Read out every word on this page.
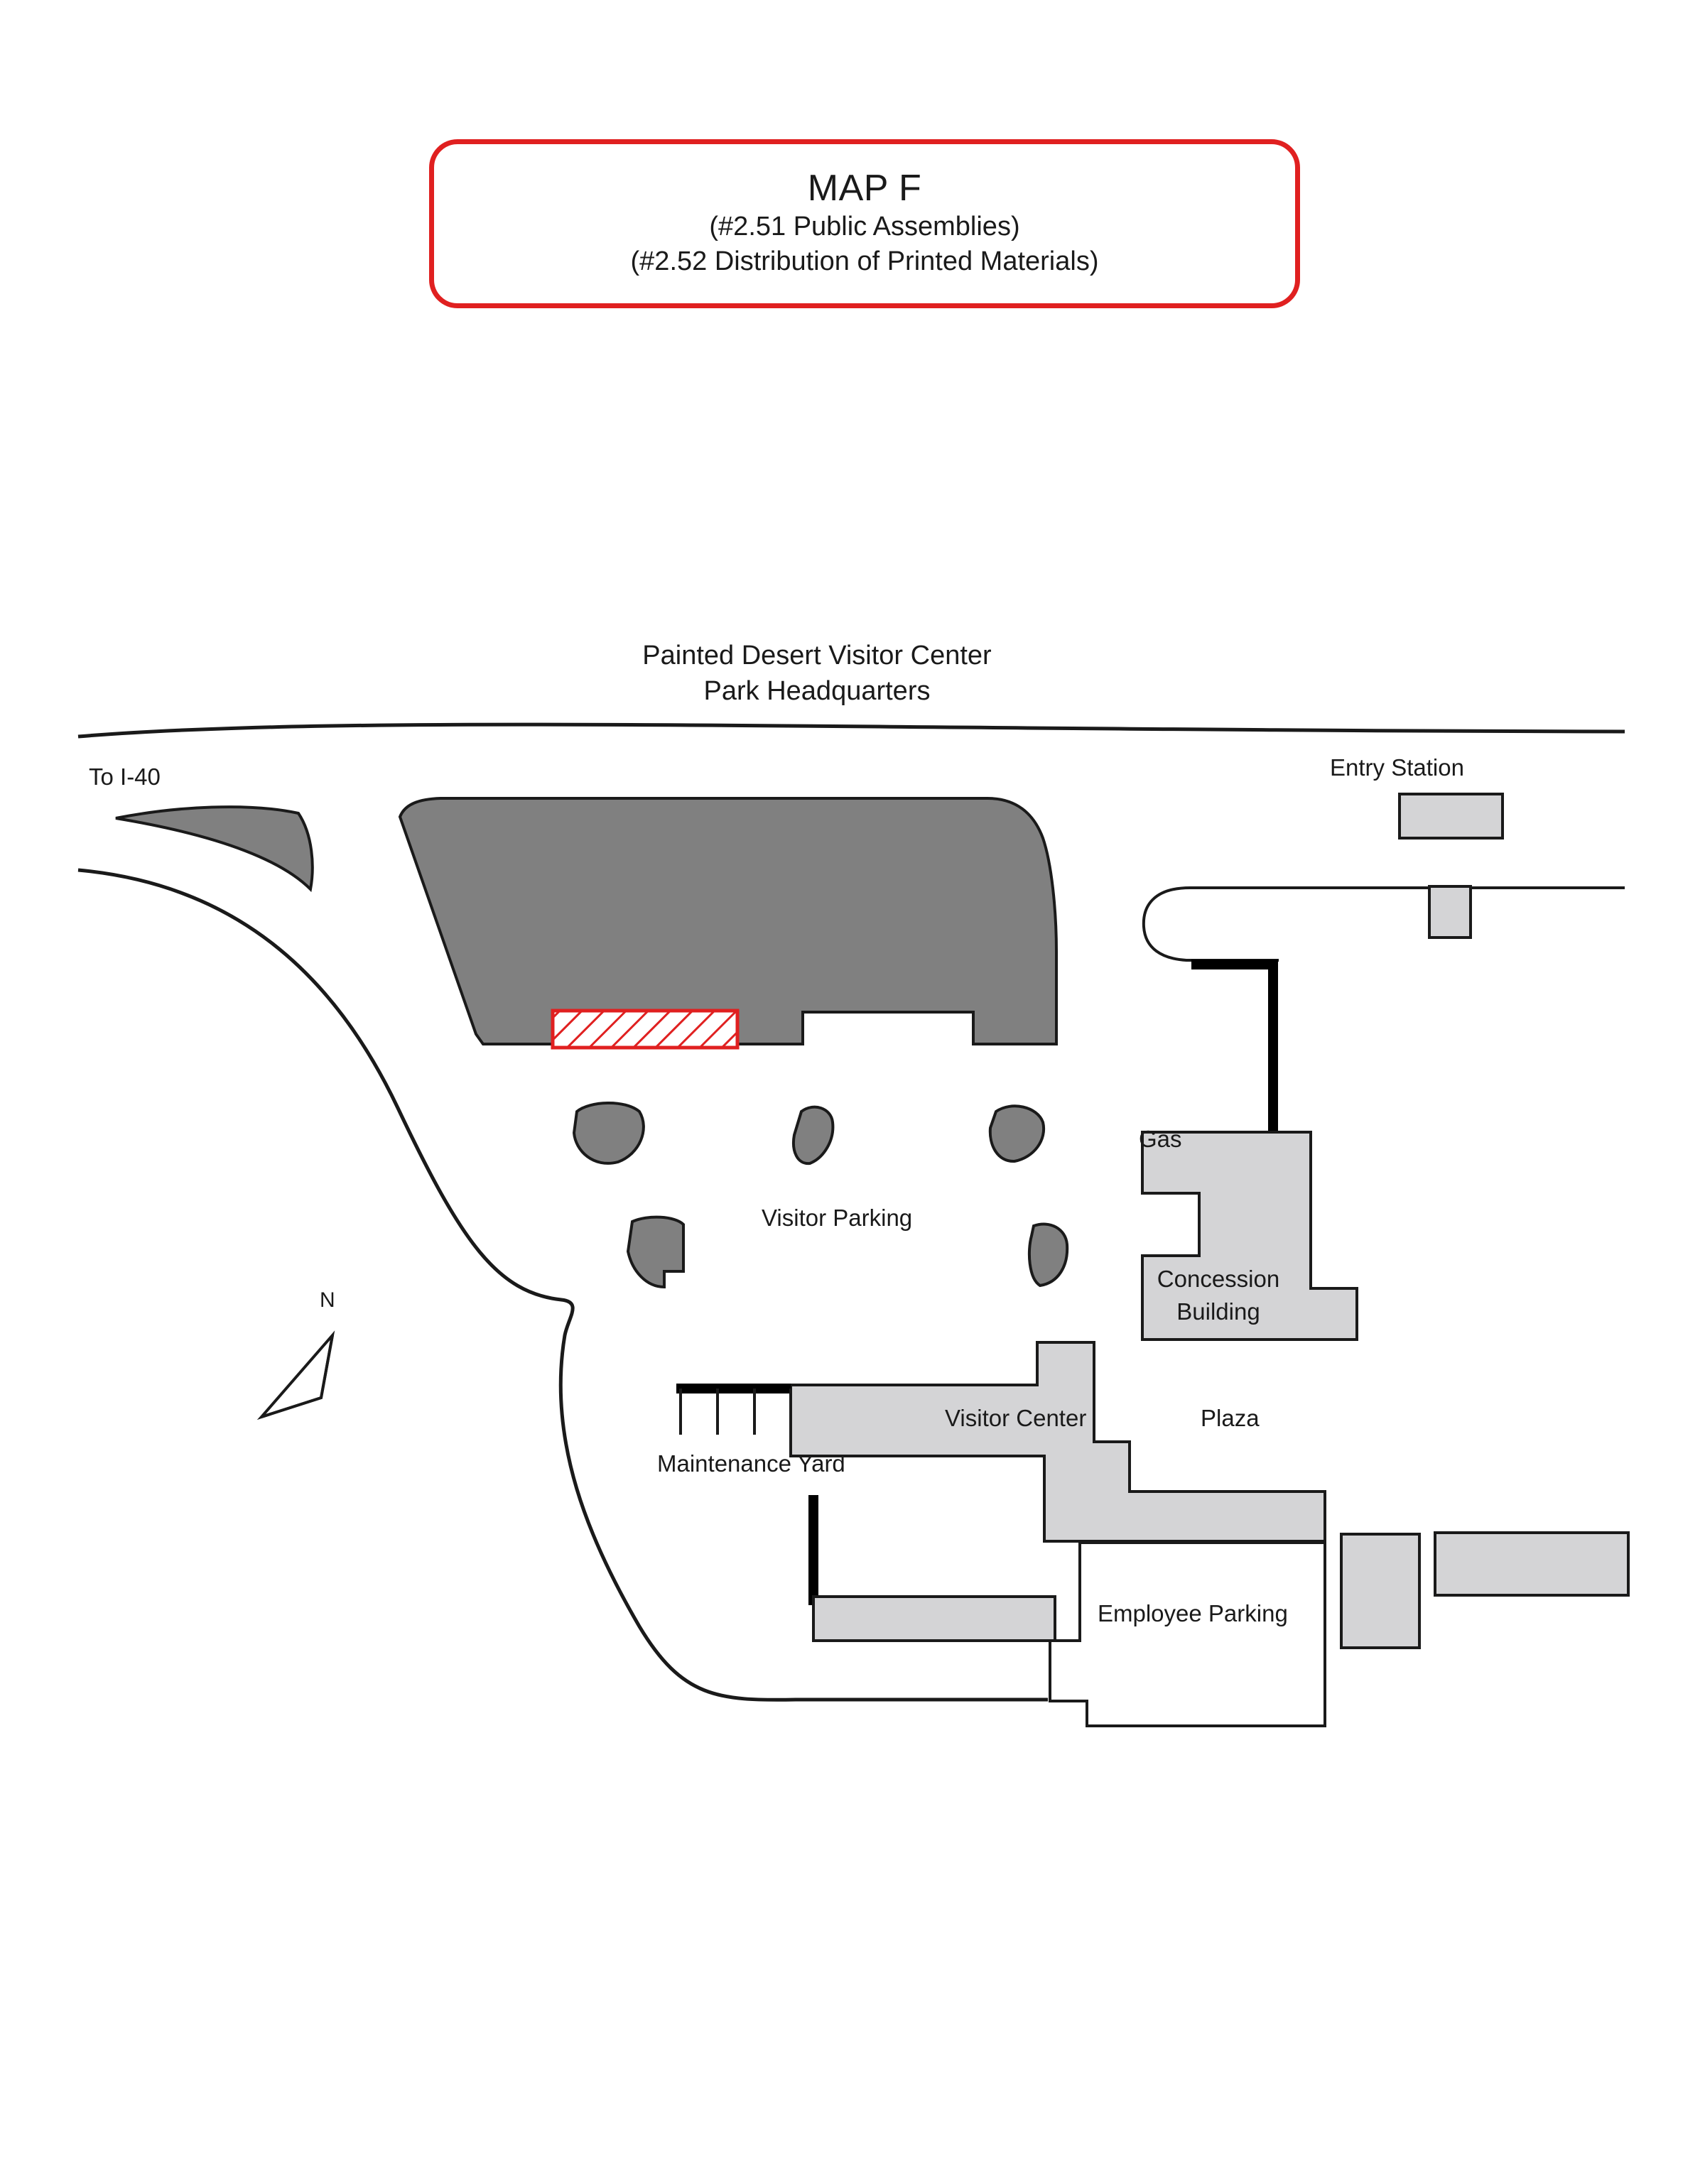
MAP F
(#2.51 Public Assemblies)
(#2.52 Distribution of Printed Materials)
Painted Desert Visitor Center
Park Headquarters
To I-40	Entry Station
Visitor Parking
Gas
Concession
Building
Visitor Center	Plaza
Maintenance Yard
Employee Parking
N
